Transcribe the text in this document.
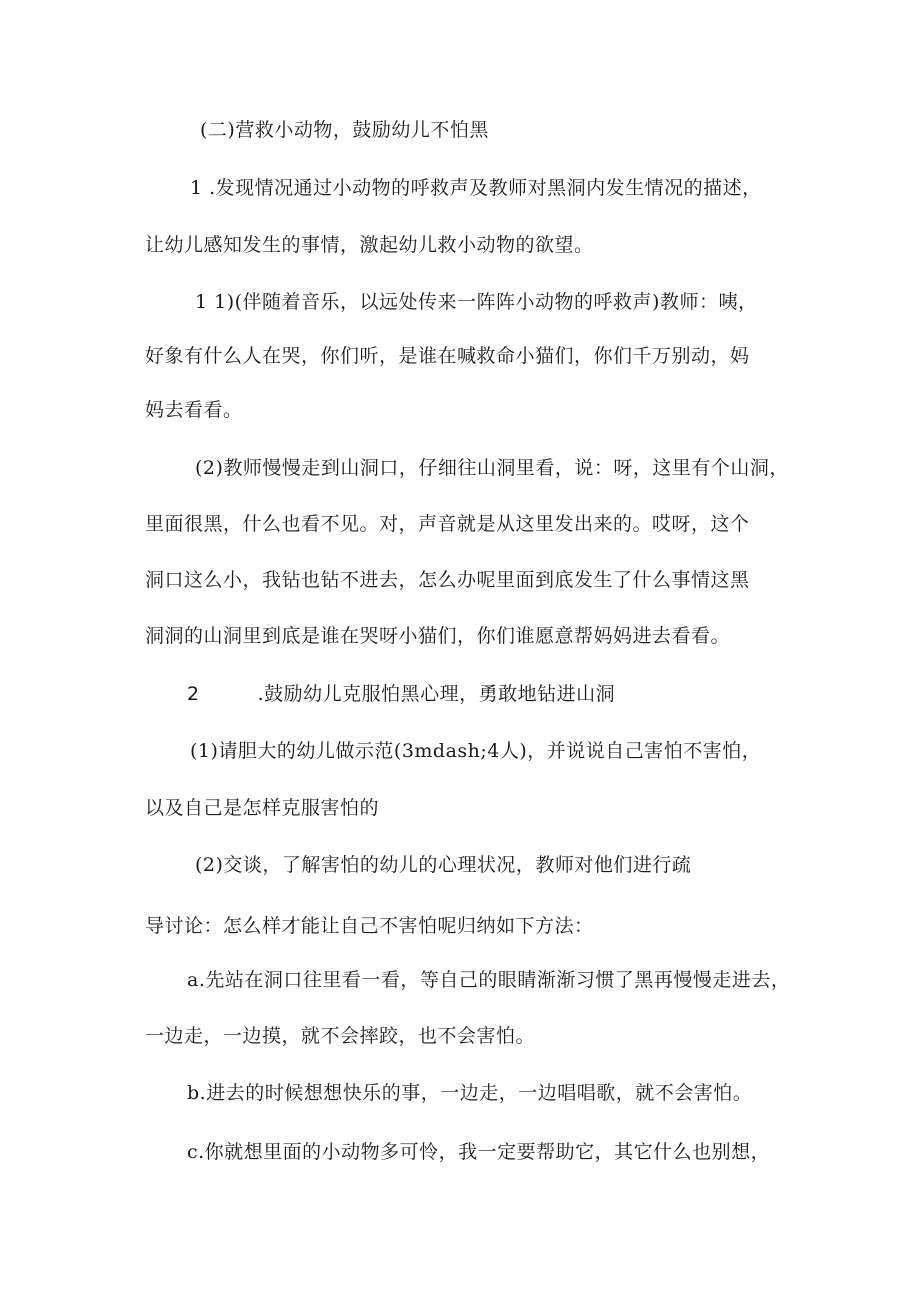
(二)营救小动物，鼓励幼儿不怕黑
1 .发现情况通过小动物的呼救声及教师对黑洞内发生情况的描述，
让幼儿感知发生的事情，激起幼儿救小动物的欲望。
1 1)(伴随着音乐，以远处传来一阵阵小动物的呼救声)教师：咦，
好象有什么人在哭，你们听，是谁在喊救命小猫们，你们千万别动，妈
妈去看看。
(2)教师慢慢走到山洞口，仔细往山洞里看，说：呀，这里有个山洞，
里面很黑，什么也看不见。对，声音就是从这里发出来的。哎呀，这个
洞口这么小，我钻也钻不进去，怎么办呢里面到底发生了什么事情这黑
洞洞的山洞里到底是谁在哭呀小猫们，你们谁愿意帮妈妈进去看看。
2	.鼓励幼儿克服怕黑心理，勇敢地钻进山洞
(1)请胆大的幼儿做示范(3mdash;4人)，并说说自己害怕不害怕，
以及自己是怎样克服害怕的
(2)交谈，了解害怕的幼儿的心理状况，教师对他们进行疏
导讨论：怎么样才能让自己不害怕呢归纳如下方法：
a.先站在洞口往里看一看，等自己的眼睛渐渐习惯了黑再慢慢走进去，
一边走，一边摸，就不会摔跤，也不会害怕。
b.进去的时候想想快乐的事，一边走，一边唱唱歌，就不会害怕。
c.你就想里面的小动物多可怜，我一定要帮助它，其它什么也别想，
